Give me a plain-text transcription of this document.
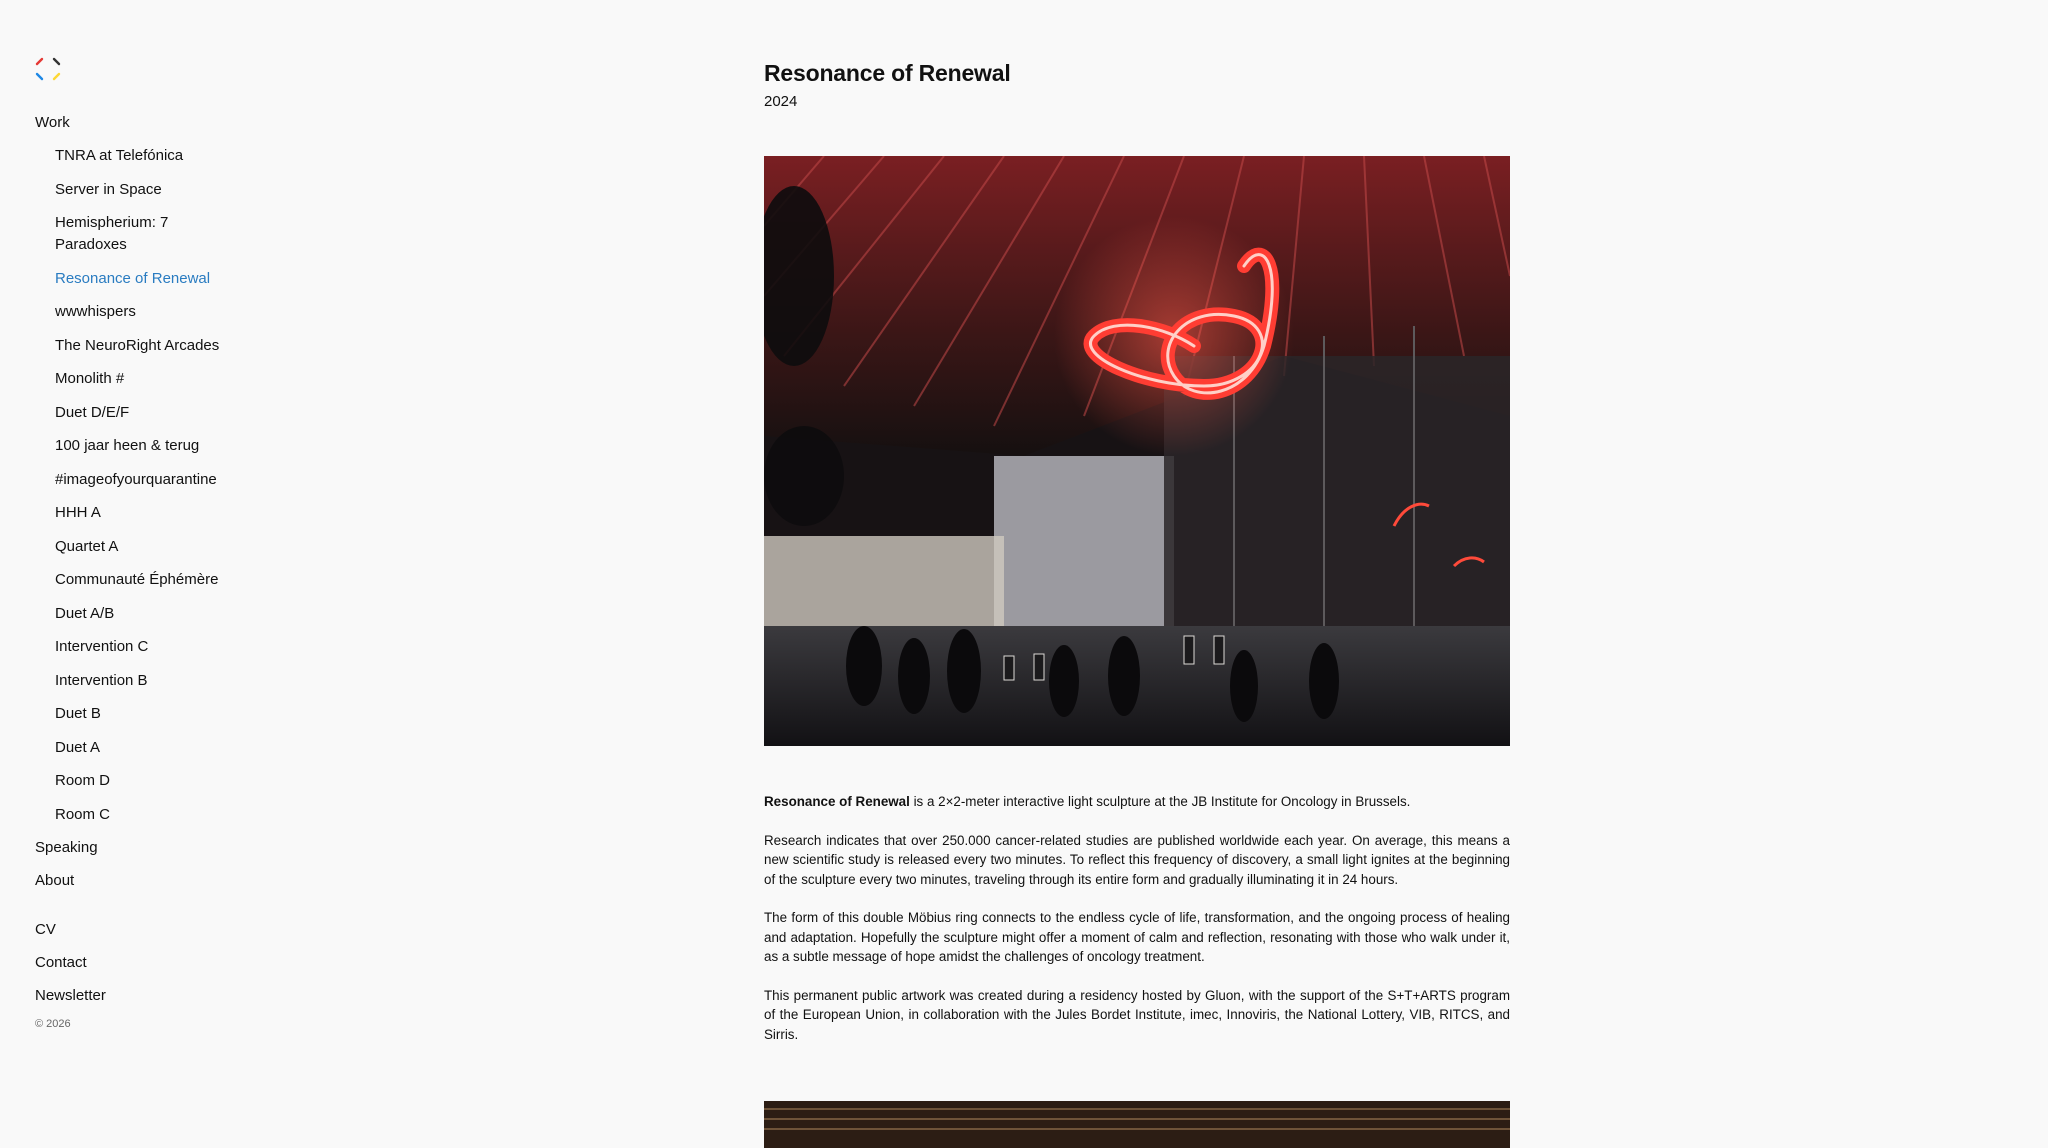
Work
TNRA at Telefónica
Server in Space
Hemispherium: 7 Paradoxes
Resonance of Renewal
wwwhispers
The NeuroRight Arcades
Monolith #
Duet D/E/F
100 jaar heen & terug
#imageofyourquarantine
HHH A
Quartet A
Communauté Éphémère
Duet A/B
Intervention C
Intervention B
Duet B
Duet A
Room D
Room C
Speaking
About
CV
Contact
Newsletter
© 2026
Resonance of Renewal
2024

Resonance of Renewal is a 2×2-meter interactive light sculpture at the JB Institute for Oncology in Brussels.

Research indicates that over 250.000 cancer-related studies are published worldwide each year. On average, this means a new scientific study is released every two minutes. To reflect this frequency of discovery, a small light ignites at the beginning of the sculpture every two minutes, traveling through its entire form and gradually illuminating it in 24 hours.

The form of this double Möbius ring connects to the endless cycle of life, transformation, and the ongoing process of healing and adaptation. Hopefully the sculpture might offer a moment of calm and reflection, resonating with those who walk under it, as a subtle message of hope amidst the challenges of oncology treatment.

This permanent public artwork was created during a residency hosted by Gluon, with the support of the S+T+ARTS program of the European Union, in collaboration with the Jules Bordet Institute, imec, Innoviris, the National Lottery, VIB, RITCS, and Sirris.
